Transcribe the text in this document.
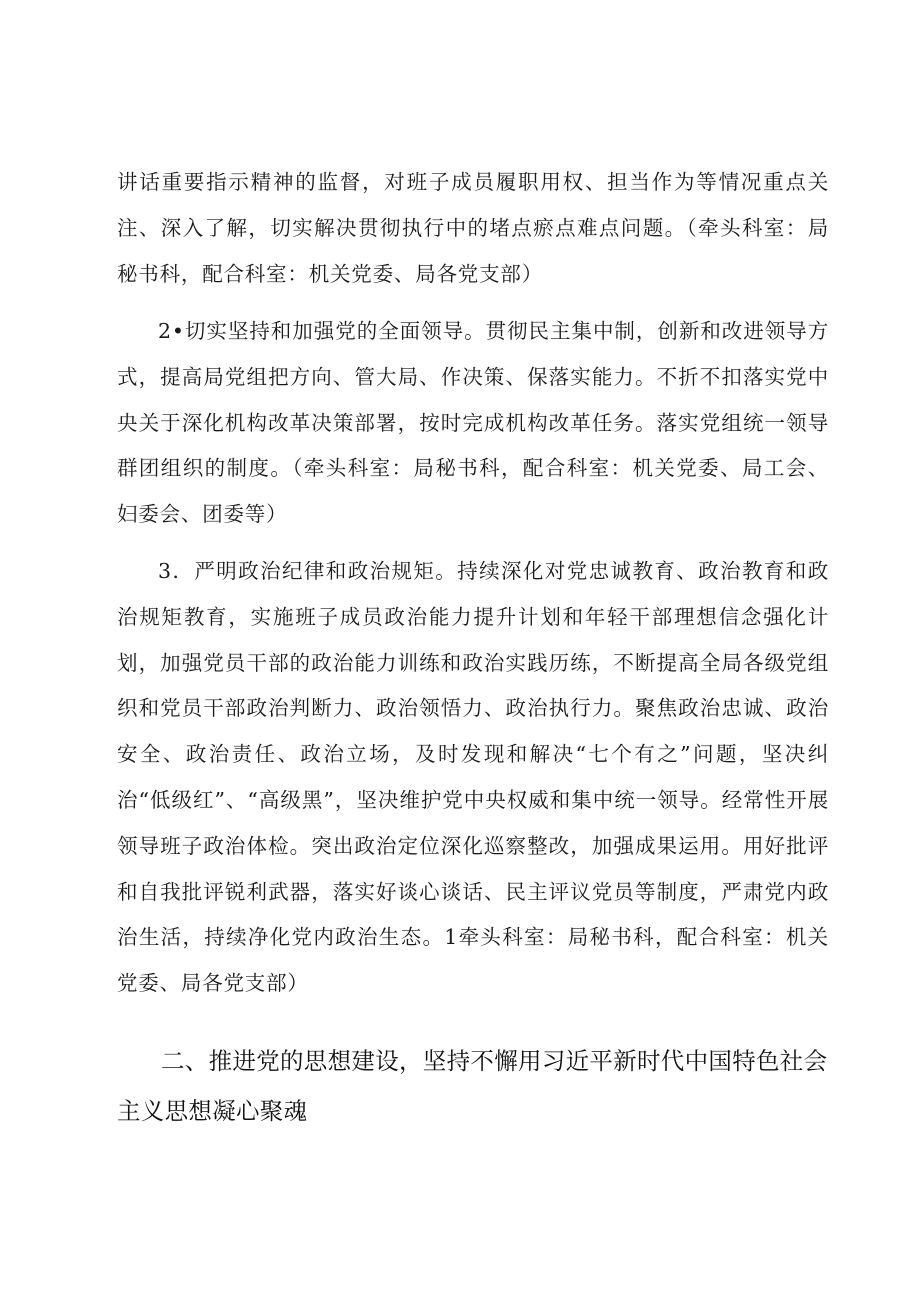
讲话重要指示精神的监督，对班子成员履职用权、担当作为等情况重点关注、深入了解，切实解决贯彻执行中的堵点瘀点难点问题。（牵头科室：局秘书科，配合科室：机关党委、局各党支部）

2•切实坚持和加强党的全面领导。贯彻民主集中制，创新和改进领导方式，提高局党组把方向、管大局、作决策、保落实能力。不折不扣落实党中央关于深化机构改革决策部署，按时完成机构改革任务。落实党组统一领导群团组织的制度。（牵头科室：局秘书科，配合科室：机关党委、局工会、妇委会、团委等）

3．严明政治纪律和政治规矩。持续深化对党忠诚教育、政治教育和政治规矩教育，实施班子成员政治能力提升计划和年轻干部理想信念强化计划，加强党员干部的政治能力训练和政治实践历练，不断提高全局各级党组织和党员干部政治判断力、政治领悟力、政治执行力。聚焦政治忠诚、政治安全、政治责任、政治立场，及时发现和解决“七个有之”问题，坚决纠治“低级红”、“高级黑”，坚决维护党中央权威和集中统一领导。经常性开展领导班子政治体检。突出政治定位深化巡察整改，加强成果运用。用好批评和自我批评锐利武器，落实好谈心谈话、民主评议党员等制度，严肃党内政治生活，持续净化党内政治生态。1牵头科室：局秘书科，配合科室：机关党委、局各党支部）

二、推进党的思想建设，坚持不懈用习近平新时代中国特色社会主义思想凝心聚魂
